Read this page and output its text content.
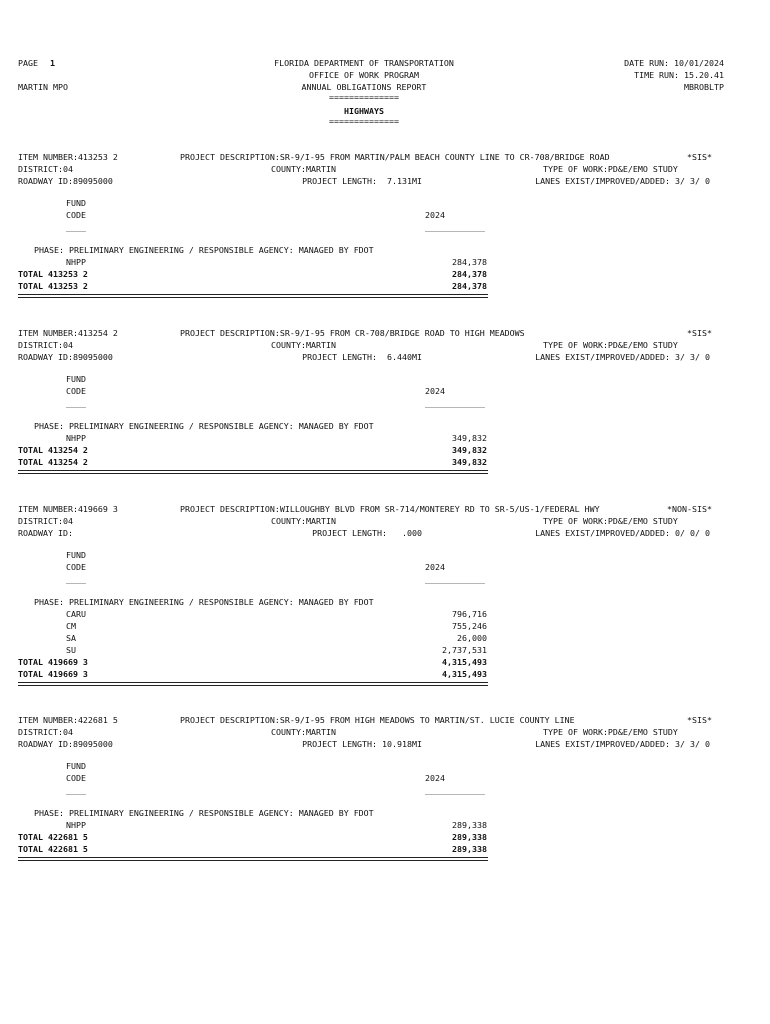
PAGE 1
MARTIN MPO
FLORIDA DEPARTMENT OF TRANSPORTATION
OFFICE OF WORK PROGRAM
ANNUAL OBLIGATIONS REPORT
==============
HIGHWAYS
==============
DATE RUN: 10/01/2024
TIME RUN: 15.20.41
MBROBLTP
ITEM NUMBER:413253 2
DISTRICT:04
ROADWAY ID:89095000
PROJECT DESCRIPTION:SR-9/I-95 FROM MARTIN/PALM BEACH COUNTY LINE TO CR-708/BRIDGE ROAD
COUNTY:MARTIN
PROJECT LENGTH:  7.131MI
*SIS*
TYPE OF WORK:PD&E/EMO STUDY
LANES EXIST/IMPROVED/ADDED: 3/ 3/ 0
FUND
CODE
____
2024
____________
PHASE: PRELIMINARY ENGINEERING / RESPONSIBLE AGENCY: MANAGED BY FDOT
NHPP	284,378
TOTAL 413253 2	284,378
TOTAL 413253 2	284,378
ITEM NUMBER:413254 2
DISTRICT:04
ROADWAY ID:89095000
PROJECT DESCRIPTION:SR-9/I-95 FROM CR-708/BRIDGE ROAD TO HIGH MEADOWS
COUNTY:MARTIN
PROJECT LENGTH:  6.440MI
*SIS*
TYPE OF WORK:PD&E/EMO STUDY
LANES EXIST/IMPROVED/ADDED: 3/ 3/ 0
FUND
CODE
____
2024
____________
PHASE: PRELIMINARY ENGINEERING / RESPONSIBLE AGENCY: MANAGED BY FDOT
NHPP	349,832
TOTAL 413254 2	349,832
TOTAL 413254 2	349,832
ITEM NUMBER:419669 3
DISTRICT:04
ROADWAY ID:
PROJECT DESCRIPTION:WILLOUGHBY BLVD FROM SR-714/MONTEREY RD TO SR-5/US-1/FEDERAL HWY
COUNTY:MARTIN
PROJECT LENGTH:   .000
*NON-SIS*
TYPE OF WORK:PD&E/EMO STUDY
LANES EXIST/IMPROVED/ADDED: 0/ 0/ 0
FUND
CODE
____
2024
____________
PHASE: PRELIMINARY ENGINEERING / RESPONSIBLE AGENCY: MANAGED BY FDOT
CARU	796,716
CM	755,246
SA	26,000
SU	2,737,531
TOTAL 419669 3	4,315,493
TOTAL 419669 3	4,315,493
ITEM NUMBER:422681 5
DISTRICT:04
ROADWAY ID:89095000
PROJECT DESCRIPTION:SR-9/I-95 FROM HIGH MEADOWS TO MARTIN/ST. LUCIE COUNTY LINE
COUNTY:MARTIN
PROJECT LENGTH: 10.918MI
*SIS*
TYPE OF WORK:PD&E/EMO STUDY
LANES EXIST/IMPROVED/ADDED: 3/ 3/ 0
FUND
CODE
____
2024
____________
PHASE: PRELIMINARY ENGINEERING / RESPONSIBLE AGENCY: MANAGED BY FDOT
NHPP	289,338
TOTAL 422681 5	289,338
TOTAL 422681 5	289,338
